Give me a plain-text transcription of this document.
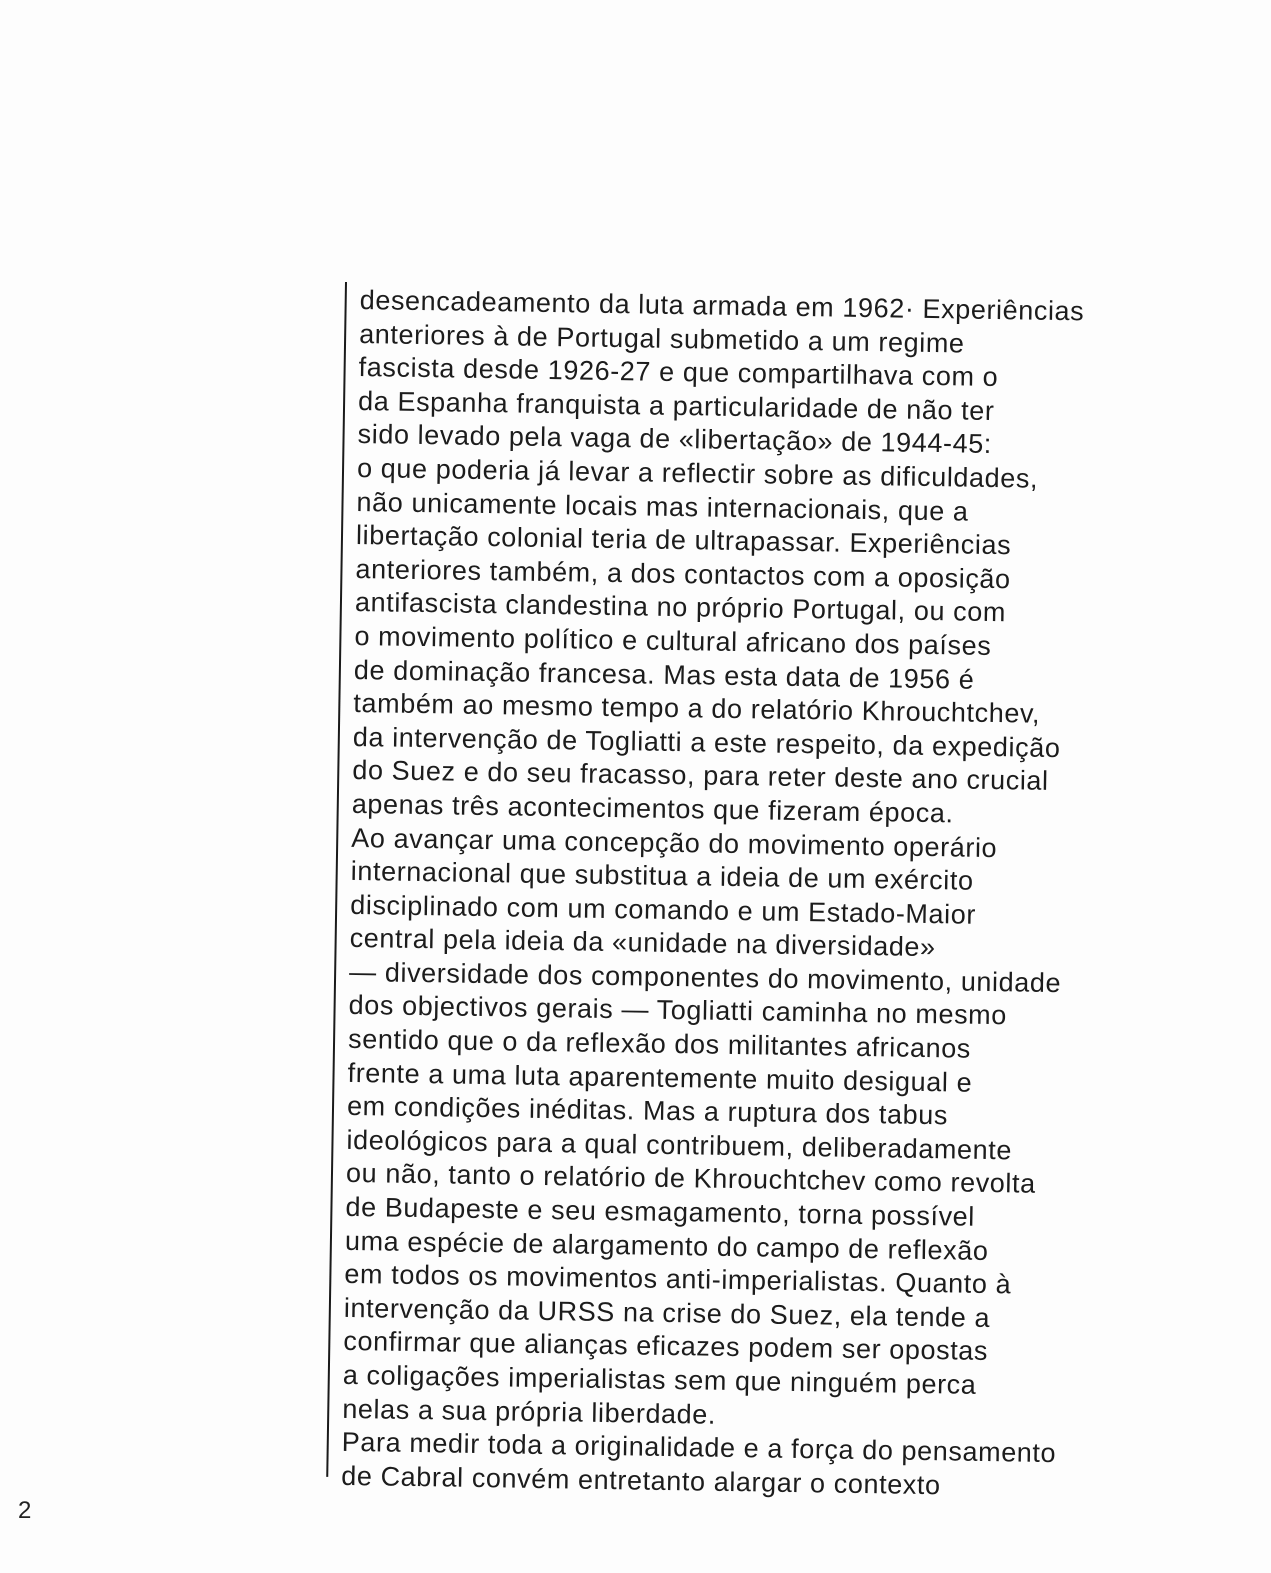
desencadeamento da luta armada em 1962· Experiências
anteriores à de Portugal submetido a um regime
fascista desde 1926-27 e que compartilhava com o
da Espanha franquista a particularidade de não ter
sido levado pela vaga de «libertação» de 1944-45:
o que poderia já levar a reflectir sobre as dificuldades,
não unicamente locais mas internacionais, que a
libertação colonial teria de ultrapassar. Experiências
anteriores também, a dos contactos com a oposição
antifascista clandestina no próprio Portugal, ou com
o movimento político e cultural africano dos países
de dominação francesa. Mas esta data de 1956 é
também ao mesmo tempo a do relatório Khrouchtchev,
da intervenção de Togliatti a este respeito, da expedição
do Suez e do seu fracasso, para reter deste ano crucial
apenas três acontecimentos que fizeram época.
Ao avançar uma concepção do movimento operário
internacional que substitua a ideia de um exército
disciplinado com um comando e um Estado-Maior
central pela ideia da «unidade na diversidade»
— diversidade dos componentes do movimento, unidade
dos objectivos gerais — Togliatti caminha no mesmo
sentido que o da reflexão dos militantes africanos
frente a uma luta aparentemente muito desigual e
em condições inéditas. Mas a ruptura dos tabus
ideológicos para a qual contribuem, deliberadamente
ou não, tanto o relatório de Khrouchtchev como revolta
de Budapeste e seu esmagamento, torna possível
uma espécie de alargamento do campo de reflexão
em todos os movimentos anti-imperialistas. Quanto à
intervenção da URSS na crise do Suez, ela tende a
confirmar que alianças eficazes podem ser opostas
a coligações imperialistas sem que ninguém perca
nelas a sua própria liberdade.
Para medir toda a originalidade e a força do pensamento
de Cabral convém entretanto alargar o contexto
2
